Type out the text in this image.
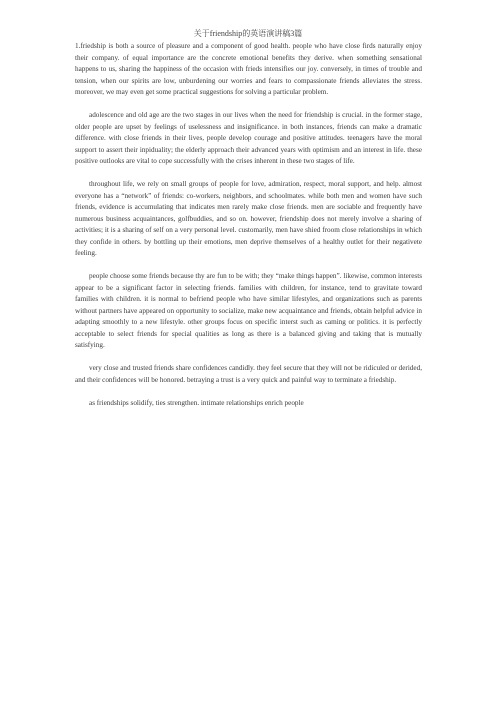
关于friendship的英语演讲稿3篇

1.friedship is both a source of pleasure and a component of good health. people who have close firds naturally enjoy their company. of equal importance are the concrete emotional benefits they derive. when something sensational happens to us, sharing the happiness of the occasion with frieds intensifies our joy. conversely, in times of trouble and tension, when our spirits are low, unburdening our worries and fears to compassionate friends alleviates the stress. moreover, we may even get some practical suggestions for solving a particular problem.

adolescence and old age are the two stages in our lives when the need for friendship is crucial. in the former stage, older people are upset by feelings of uselessness and insignificance. in both instances, friends can make a dramatic difference. with close friends in their lives, people develop courage and positive attitudes. teenagers have the moral support to assert their inpiduality; the elderly approach their advanced years with optimism and an interest in life. these positive outlooks are vital to cope successfully with the crises inherent in these two stages of life.

throughout life, we rely on small groups of people for love, admiration, respect, moral support, and help. almost everyone has a “network” of friends: co-workers, neighbors, and schoolmates. while both men and women have such friends, evidence is accumulating that indicates men rarely make close friends. men are sociable and frequently have numerous business acquaintances, golfbuddies, and so on. however, friendship does not merely involve a sharing of activities; it is a sharing of self on a very personal level. customarily, men have shied froom close relationships in which they confide in others. by bottling up their emotions, men deprive themselves of a healthy outlet for their negativete feeling.

people choose some friends because thy are fun to be with; they “make things happen”. likewise, common interests appear to be a significant factor in selecting friends. families with children, for instance, tend to gravitate toward families with children. it is normal to befriend people who have similar lifestyles, and organizations such as parents without partners have appeared on opportunity to socialize, make new acquaintance and friends, obtain helpful advice in adapting smoothly to a new lifestyle. other groups focus on specific interst such as caming or politics. it is perfectly acceptable to select friends for special qualities as long as there is a balanced giving and taking that is mutually satisfying.

very close and trusted friends share confidences candidly. they feel secure that they will not be ridiculed or derided, and their confidences will be honored. betraying a trust is a very quick and painful way to terminate a friedship.

as friendships solidify, ties strengthen. intimate relationships enrich people
